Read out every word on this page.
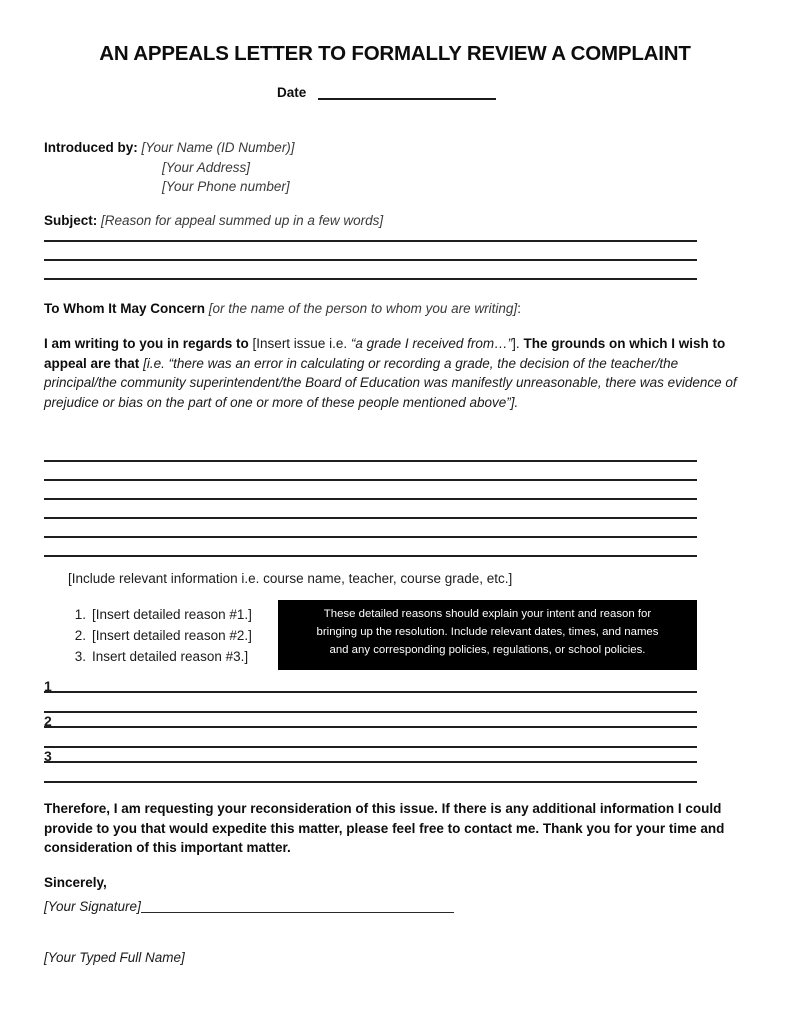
AN APPEALS LETTER TO FORMALLY REVIEW A COMPLAINT
Date
Introduced by: [Your Name (ID Number)]
[Your Address]
[Your Phone number]
Subject: [Reason for appeal summed up in a few words]
To Whom It May Concern [or the name of the person to whom you are writing]:
I am writing to you in regards to [Insert issue i.e. “a grade I received from…”]. The grounds on which I wish to appeal are that [i.e. “there was an error in calculating or recording a grade, the decision of the teacher/the principal/the community superintendent/the Board of Education was manifestly unreasonable, there was evidence of prejudice or bias on the part of one or more of these people mentioned above”].
[Include relevant information i.e. course name, teacher, course grade, etc.]
1. [Insert detailed reason #1.]
2. [Insert detailed reason #2.]
3. Insert detailed reason #3.]
These detailed reasons should explain your intent and reason for
bringing up the resolution. Include relevant dates, times, and names
and any corresponding policies, regulations, or school policies.
1
2
3
Therefore, I am requesting your reconsideration of this issue. If there is any additional information I could provide to you that would expedite this matter, please feel free to contact me. Thank you for your time and consideration of this important matter.
Sincerely,
[Your Signature]
[Your Typed Full Name]
